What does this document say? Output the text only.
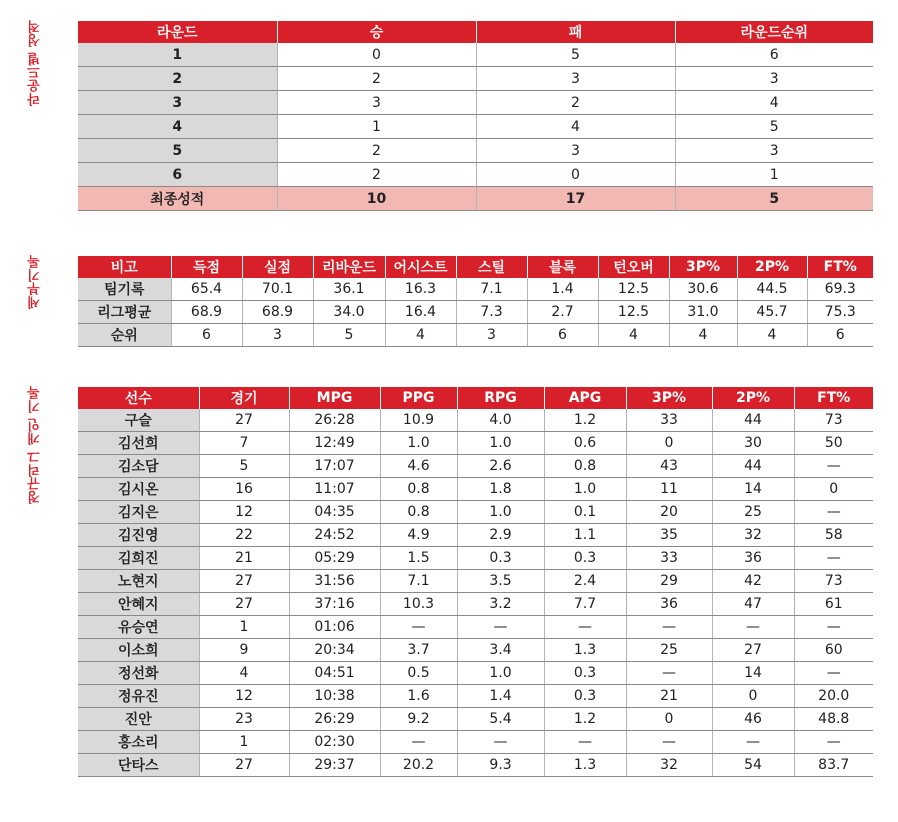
라운드별 성적
세부기록
정규리그 개인 기록
라운드	승	패	라운드순위
1	0	5	6
2	2	3	3
3	3	2	4
4	1	4	5
5	2	3	3
6	2	0	1
최종성적	10	17	5
비고	득점	실점	리바운드	어시스트	스틸	블록	턴오버	3P%	2P%	FT%
팀기록	65.4	70.1	36.1	16.3	7.1	1.4	12.5	30.6	44.5	69.3
리그평균	68.9	68.9	34.0	16.4	7.3	2.7	12.5	31.0	45.7	75.3
순위	6	3	5	4	3	6	4	4	4	6
선수	경기	MPG	PPG	RPG	APG	3P%	2P%	FT%
구슬	27	26:28	10.9	4.0	1.2	33	44	73
김선희	7	12:49	1.0	1.0	0.6	0	30	50
김소담	5	17:07	4.6	2.6	0.8	43	44	—
김시온	16	11:07	0.8	1.8	1.0	11	14	0
김지은	12	04:35	0.8	1.0	0.1	20	25	—
김진영	22	24:52	4.9	2.9	1.1	35	32	58
김희진	21	05:29	1.5	0.3	0.3	33	36	—
노현지	27	31:56	7.1	3.5	2.4	29	42	73
안혜지	27	37:16	10.3	3.2	7.7	36	47	61
유승연	1	01:06	—	—	—	—	—	—
이소희	9	20:34	3.7	3.4	1.3	25	27	60
정선화	4	04:51	0.5	1.0	0.3	—	14	—
정유진	12	10:38	1.6	1.4	0.3	21	0	20.0
진안	23	26:29	9.2	5.4	1.2	0	46	48.8
홍소리	1	02:30	—	—	—	—	—	—
단타스	27	29:37	20.2	9.3	1.3	32	54	83.7
